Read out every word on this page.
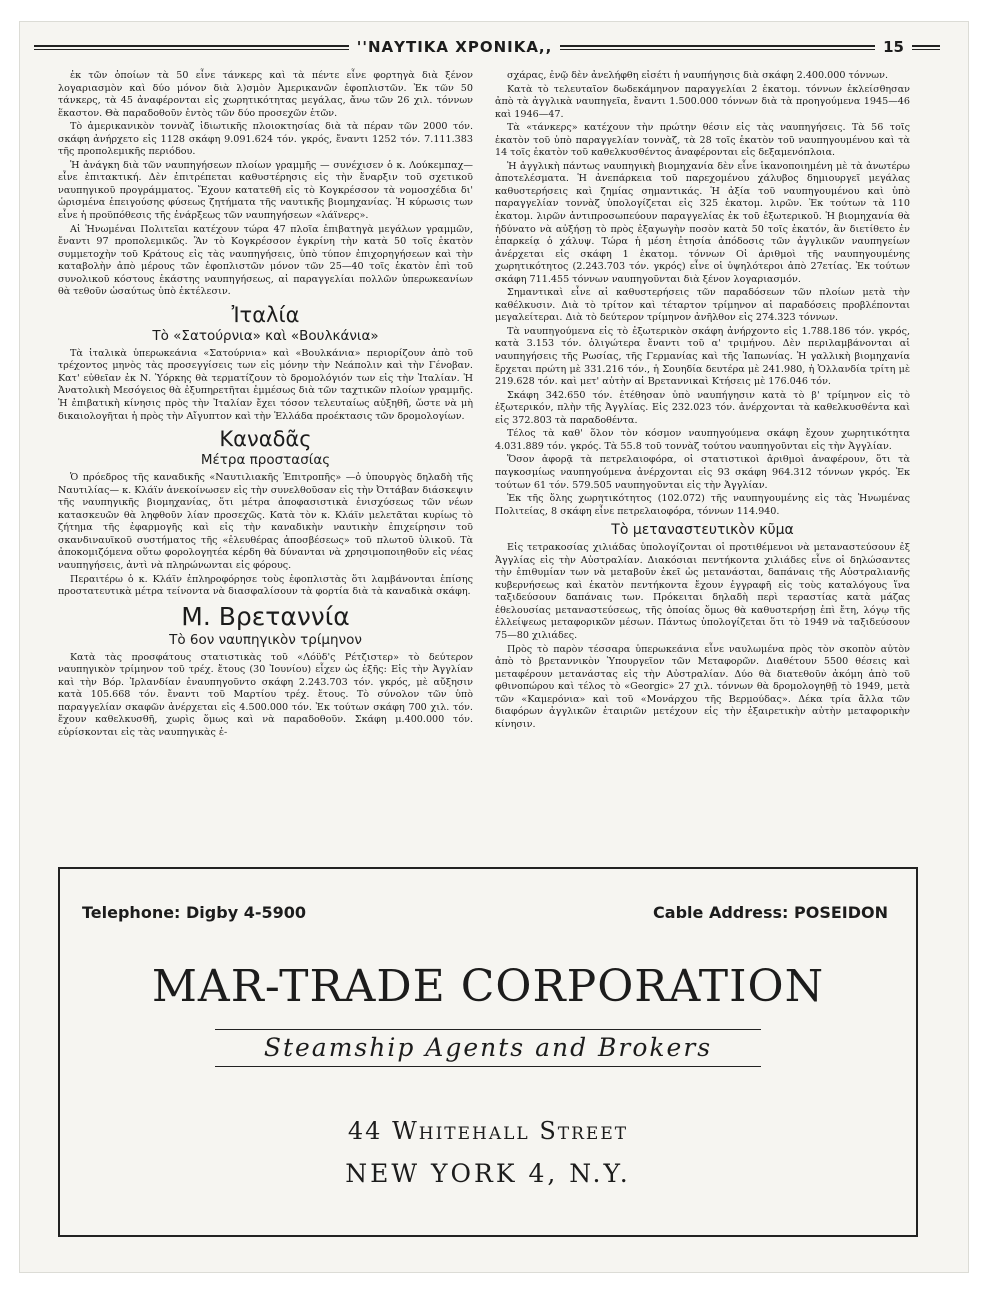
''ΝΑΥΤΙΚΑ ΧΡΟΝΙΚΑ,,	15

ἐκ τῶν ὁποίων τὰ 50 εἶνε τάνκερς καὶ τὰ πέντε εἶνε φορτηγὰ διὰ ξένον λογαριασμὸν καὶ δύο μόνον διὰ λ)σμὸν Ἀμερικανῶν ἐφοπλιστῶν. Ἐκ τῶν 50 τάνκερς, τὰ 45 ἀναφέρονται εἰς χωρητικότητας μεγάλας, ἄνω τῶν 26 χιλ. τόννων ἕκαστον. Θὰ παραδοθοῦν ἐντὸς τῶν δύο προσεχῶν ἐτῶν.

Τὸ ἀμερικανικὸν τοννὰζ ἰδιωτικῆς πλοιοκτησίας διὰ τὰ πέραν τῶν 2000 τόν. σκάφη ἀνήρχετο εἰς 1128 σκάφη 9.091.624 τόν. γκρός, ἔναντι 1252 τόν. 7.111.383 τῆς προπολεμικῆς περιόδου.

Ἡ ἀνάγκη διὰ τῶν ναυπηγήσεων πλοίων γραμμῆς — συνέχισεν ὁ κ. Λούκεμπαχ— εἶνε ἐπιτακτική. Δὲν ἐπιτρέπεται καθυστέρησις εἰς τὴν ἔναρξιν τοῦ σχετικοῦ ναυπηγικοῦ προγράμματος. Ἔχουν κατατεθῆ εἰς τὸ Κογκρέσσον τὰ νομοσχέδια δι' ὡρισμένα ἐπειγούσης φύσεως ζητήματα τῆς ναυτικῆς βιομηχανίας. Ἡ κύρωσις των εἶνε ἡ προϋπόθεσις τῆς ἐνάρξεως τῶν ναυπηγήσεων «λάϊνερς».

Αἱ Ἡνωμέναι Πολιτεῖαι κατέχουν τώρα 47 πλοῖα ἐπιβατηγὰ μεγάλων γραμμῶν, ἔναντι 97 προπολεμικῶς. Ἂν τὸ Κογκρέσσον ἐγκρίνη τὴν κατὰ 50 τοῖς ἑκατὸν συμμετοχὴν τοῦ Κράτους εἰς τὰς ναυπηγήσεις, ὑπὸ τύπον ἐπιχορηγήσεων καὶ τὴν καταβολὴν ἀπὸ μέρους τῶν ἐφοπλιστῶν μόνον τῶν 25—40 τοῖς ἑκατὸν ἐπὶ τοῦ συνολικοῦ κόστους ἑκάστης ναυπηγήσεως, αἱ παραγγελίαι πολλῶν ὑπερωκεανίων θὰ τεθοῦν ὡσαύτως ὑπὸ ἐκτέλεσιν.

Ἰταλία
Τὸ «Σατούρνια» καὶ «Βουλκάνια»

Τὰ ἰταλικὰ ὑπερωκεάνια «Σατούρνια» καὶ «Βουλκάνια» περιορίζουν ἀπὸ τοῦ τρέχοντος μηνὸς τὰς προσεγγίσεις των εἰς μόνην τὴν Νεάπολιν καὶ τὴν Γένοβαν. Κατ' εὐθεῖαν ἐκ Ν. Ὑόρκης θὰ τερματίζουν τὸ δρομολόγιόν των εἰς τὴν Ἰταλίαν. Ἡ Ἀνατολικὴ Μεσόγειος θὰ ἐξυπηρετῆται ἐμμέσως διὰ τῶν ταχτικῶν πλοίων γραμμῆς. Ἡ ἐπιβατικὴ κίνησις πρὸς τὴν Ἰταλίαν ἔχει τόσον τελευταίως αὐξηθῆ, ὥστε νὰ μὴ δικαιολογῆται ἡ πρὸς τὴν Αἴγυπτον καὶ τὴν Ἑλλάδα προέκτασις τῶν δρομολογίων.

Καναδᾶς
Μέτρα προστασίας

Ὁ πρόεδρος τῆς καναδικῆς «Ναυτιλιακῆς Ἐπιτροπῆς» —ὁ ὑπουργὸς δηλαδὴ τῆς Ναυτιλίας— κ. Κλάϊν ἀνεκοίνωσεν εἰς τὴν συνελθοῦσαν εἰς τὴν Ὀττάβαν διάσκεψιν τῆς ναυπηγικῆς βιομηχανίας, ὅτι μέτρα ἀποφασιστικὰ ἐνισχύσεως τῶν νέων κατασκευῶν θὰ ληφθοῦν λίαν προσεχῶς. Κατὰ τὸν κ. Κλάϊν μελετᾶται κυρίως τὸ ζήτημα τῆς ἐφαρμογῆς καὶ εἰς τὴν καναδικὴν ναυτικὴν ἐπιχείρησιν τοῦ σκανδιναυϊκοῦ συστήματος τῆς «ἐλευθέρας ἀποσβέσεως» τοῦ πλωτοῦ ὑλικοῦ. Τὰ ἀποκομιζόμενα οὕτω φορολογητέα κέρδη θὰ δύνανται νὰ χρησιμοποιηθοῦν εἰς νέας ναυπηγήσεις, ἀντὶ νὰ πληρώνωνται εἰς φόρους.

Περαιτέρω ὁ κ. Κλάϊν ἐπληροφόρησε τοὺς ἐφοπλιστὰς ὅτι λαμβάνονται ἐπίσης προστατευτικὰ μέτρα τείνοντα νὰ διασφαλίσουν τὰ φορτία διὰ τὰ καναδικὰ σκάφη.

Μ. Βρεταννία
Τὸ 6ον ναυπηγικὸν τρίμηνον

Κατὰ τὰς προσφάτους στατιστικὰς τοῦ «Λόϋδ'ς Ρέτζιστερ» τὸ δεύτερον ναυπηγικὸν τρίμηνον τοῦ τρέχ. ἔτους (30 Ἰουνίου) εἶχεν ὡς ἑξῆς: Εἰς τὴν Ἀγγλίαν καὶ τὴν Βόρ. Ἰρλανδίαν ἐναυπηγοῦντο σκάφη 2.243.703 τόν. γκρός, μὲ αὔξησιν κατὰ 105.668 τόν. ἔναντι τοῦ Μαρτίου τρέχ. ἔτους. Τὸ σύνολον τῶν ὑπὸ παραγγελίαν σκαφῶν ἀνέρχεται εἰς 4.500.000 τόν. Ἐκ τούτων σκάφη 700 χιλ. τόν. ἔχουν καθελκυσθῆ, χωρὶς ὅμως καὶ νὰ παραδοθοῦν. Σκάφη μ.400.000 τόν. εὑρίσκονται εἰς τὰς ναυπηγικὰς ἐ-

σχάρας, ἐνῷ δὲν ἀνελήφθη εἰσέτι ἡ ναυπήγησις διὰ σκάφη 2.400.000 τόννων.

Κατὰ τὸ τελευταῖον δωδεκάμηνον παραγγελίαι 2 ἑκατομ. τόννων ἐκλείσθησαν ἀπὸ τὰ ἀγγλικὰ ναυπηγεῖα, ἔναντι 1.500.000 τόννων διὰ τὰ προηγούμενα 1945—46 καὶ 1946—47.

Τὰ «τάνκερς» κατέχουν τὴν πρώτην θέσιν εἰς τὰς ναυπηγήσεις. Τὰ 56 τοῖς ἑκατὸν τοῦ ὑπὸ παραγγελίαν τοννὰζ, τὰ 28 τοῖς ἑκατὸν τοῦ ναυπηγουμένου καὶ τὰ 14 τοῖς ἑκατὸν τοῦ καθελκυσθέντος ἀναφέρονται εἰς δεξαμενόπλοια.

Ἡ ἀγγλικὴ πάντως ναυπηγικὴ βιομηχανία δὲν εἶνε ἱκανοποιημένη μὲ τὰ ἀνωτέρω ἀποτελέσματα. Ἡ ἀνεπάρκεια τοῦ παρεχομένου χάλυβος δημιουργεῖ μεγάλας καθυστερήσεις καὶ ζημίας σημαντικάς. Ἡ ἀξία τοῦ ναυπηγουμένου καὶ ὑπὸ παραγγελίαν τοννὰζ ὑπολογίζεται εἰς 325 ἑκατομ. λιρῶν. Ἐκ τούτων τὰ 110 ἑκατομ. λιρῶν ἀντιπροσωπεύουν παραγγελίας ἐκ τοῦ ἐξωτερικοῦ. Ἡ βιομηχανία θὰ ἠδύνατο νὰ αὐξήσῃ τὸ πρὸς ἐξαγωγὴν ποσὸν κατὰ 50 τοῖς ἑκατόν, ἂν διετίθετο ἐν ἐπαρκείᾳ ὁ χάλυψ. Τώρα ἡ μέση ἐτησία ἀπόδοσις τῶν ἀγγλικῶν ναυπηγείων ἀνέρχεται εἰς σκάφη 1 ἑκατομ. τόννων Οἱ ἀριθμοὶ τῆς ναυπηγουμένης χωρητικότητος (2.243.703 τόν. γκρός) εἶνε οἱ ὑψηλότεροι ἀπὸ 27ετίας. Ἐκ τούτων σκάφη 711.455 τόννων ναυπηγοῦνται διὰ ξένον λογαριασμόν.

Σημαντικαὶ εἶνε αἱ καθυστερήσεις τῶν παραδόσεων τῶν πλοίων μετὰ τὴν καθέλκυσιν. Διὰ τὸ τρίτον καὶ τέταρτον τρίμηνον αἱ παραδόσεις προβλέπονται μεγαλείτεραι. Διὰ τὸ δεύτερον τρίμηνον ἀνῆλθον εἰς 274.323 τόννων.

Τὰ ναυπηγούμενα εἰς τὸ ἐξωτερικὸν σκάφη ἀνήρχοντο εἰς 1.788.186 τόν. γκρός, κατὰ 3.153 τόν. ὀλιγώτερα ἔναντι τοῦ α' τριμήνου. Δὲν περιλαμβάνονται αἱ ναυπηγήσεις τῆς Ρωσίας, τῆς Γερμανίας καὶ τῆς Ἰαπωνίας. Ἡ γαλλικὴ βιομηχανία ἔρχεται πρώτη μὲ 331.216 τόν., ἡ Σουηδία δευτέρα μὲ 241.980, ἡ Ὁλλανδία τρίτη μὲ 219.628 τόν. καὶ μετ' αὐτὴν αἱ Βρεταννικαὶ Κτήσεις μὲ 176.046 τόν.

Σκάφη 342.650 τόν. ἐτέθησαν ὑπὸ ναυπήγησιν κατὰ τὸ β' τρίμηνον εἰς τὸ ἐξωτερικόν, πλὴν τῆς Ἀγγλίας. Εἰς 232.023 τόν. ἀνέρχονται τὰ καθελκυσθέντα καὶ εἰς 372.803 τὰ παραδοθέντα.

Τέλος τὰ καθ' ὅλον τὸν κόσμον ναυπηγούμενα σκάφη ἔχουν χωρητικότητα 4.031.889 τόν. γκρός. Τὰ 55.8 τοῦ τοννὰζ τούτου ναυπηγοῦνται εἰς τὴν Ἀγγλίαν.

Ὅσον ἀφορᾷ τὰ πετρελαιοφόρα, οἱ στατιστικοὶ ἀριθμοὶ ἀναφέρουν, ὅτι τὰ παγκοσμίως ναυπηγούμενα ἀνέρχονται εἰς 93 σκάφη 964.312 τόννων γκρός. Ἐκ τούτων 61 τόν. 579.505 ναυπηγοῦνται εἰς τὴν Ἀγγλίαν.

Ἐκ τῆς ὅλης χωρητικότητος (102.072) τῆς ναυπηγουμένης εἰς τὰς Ἡνωμένας Πολιτείας, 8 σκάφη εἶνε πετρελαιοφόρα, τόννων 114.940.

Τὸ μεταναστευτικὸν κῦμα

Εἰς τετρακοσίας χιλιάδας ὑπολογίζονται οἱ προτιθέμενοι νὰ μεταναστεύσουν ἐξ Ἀγγλίας εἰς τὴν Αὐστραλίαν. Διακόσιαι πεντήκοντα χιλιάδες εἶνε οἱ δηλώσαντες τὴν ἐπιθυμίαν των νὰ μεταβοῦν ἐκεῖ ὡς μετανάσται, δαπάναις τῆς Αὐστραλιανῆς κυβερνήσεως καὶ ἑκατὸν πεντήκοντα ἔχουν ἐγγραφῆ εἰς τοὺς καταλόγους ἵνα ταξιδεύσουν δαπάναις των. Πρόκειται δηλαδὴ περὶ τεραστίας κατὰ μάζας ἐθελουσίας μεταναστεύσεως, τῆς ὁποίας ὅμως θὰ καθυστερήσῃ ἐπὶ ἔτη, λόγῳ τῆς ἐλλείψεως μεταφορικῶν μέσων. Πάντως ὑπολογίζεται ὅτι τὸ 1949 νὰ ταξιδεύσουν 75—80 χιλιάδες.

Πρὸς τὸ παρὸν τέσσαρα ὑπερωκεάνια εἶνε ναυλωμένα πρὸς τὸν σκοπὸν αὐτὸν ἀπὸ τὸ βρεταννικὸν Ὑπουργεῖον τῶν Μεταφορῶν. Διαθέτουν 5500 θέσεις καὶ μεταφέρουν μετανάστας εἰς τὴν Αὐστραλίαν. Δύο θὰ διατεθοῦν ἀκόμη ἀπὸ τοῦ φθινοπώρου καὶ τέλος τὸ «Georgic» 27 χιλ. τόννων θὰ δρομολογηθῇ τὸ 1949, μετὰ τῶν «Καμερόνια» καὶ τοῦ «Μονάρχου τῆς Βερμούδας». Δέκα τρία ἄλλα τῶν διαφόρων ἀγγλικῶν ἑταιριῶν μετέχουν εἰς τὴν ἐξαιρετικὴν αὐτὴν μεταφορικὴν κίνησιν.

Telephone: Digby 4-5900	Cable Address: POSEIDON
MAR-TRADE CORPORATION
Steamship Agents and Brokers
44 Whitehall Street
NEW YORK 4, N.Y.
